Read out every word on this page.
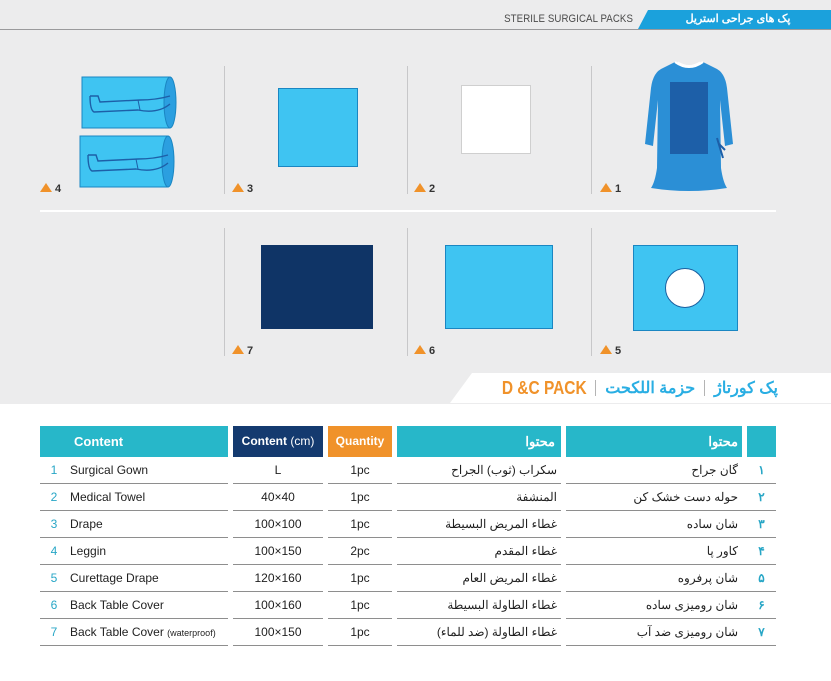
STERILE SURGICAL PACKS	پک های جراحی استریل
1
2
3
4
5
6
7
D &C PACK حزمة اللكحت پک کورتاژ
Content	Content (cm)	Quantity	محتوا	محتوا
1	Surgical Gown	L	1pc	سكراب (ثوب) الجراح	گان جراح	۱
2	Medical Towel	40×40	1pc	المنشفة	حوله دست خشک کن	۲
3	Drape	100×100	1pc	غطاء المريض البسيطة	شان ساده	۳
4	Leggin	100×150	2pc	غطاء المقدم	کاور پا	۴
5	Curettage Drape	120×160	1pc	غطاء المريض العام	شان پرفروه	۵
6	Back Table Cover	100×160	1pc	غطاء الطاولة البسيطة	شان رومیزی ساده	۶
7	Back Table Cover (waterproof)	100×150	1pc	غطاء الطاولة (ضد للماء)	شان رومیزی ضد آب	۷
